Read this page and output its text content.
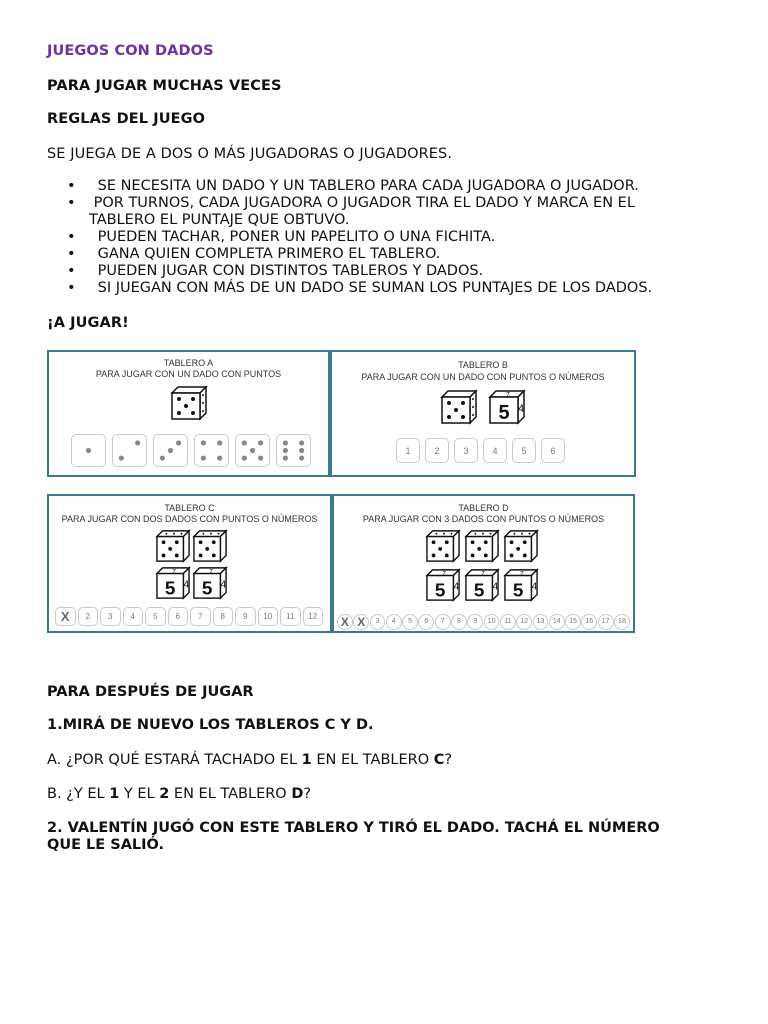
JUEGOS CON DADOS
PARA JUGAR MUCHAS VECES
REGLAS DEL JUEGO
SE JUEGA DE A DOS O MÁS JUGADORAS O JUGADORES.
• SE NECESITA UN DADO Y UN TABLERO PARA CADA JUGADORA O JUGADOR.
• POR TURNOS, CADA JUGADORA O JUGADOR TIRA EL DADO Y MARCA EN EL
TABLERO EL PUNTAJE QUE OBTUVO.
• PUEDEN TACHAR, PONER UN PAPELITO O UNA FICHITA.
• GANA QUIEN COMPLETA PRIMERO EL TABLERO.
• PUEDEN JUGAR CON DISTINTOS TABLEROS Y DADOS.
• SI JUEGAN CON MÁS DE UN DADO SE SUMAN LOS PUNTAJES DE LOS DADOS.
¡A JUGAR!
TABLERO A
PARA JUGAR CON UN DADO CON PUNTOS
TABLERO B
PARA JUGAR CON UN DADO CON PUNTOS O NÚMEROS
5 4
7
1	2	3	4	5	6
TABLERO C
PARA JUGAR CON DOS DADOS CON PUNTOS O NÚMEROS
5 4
7
5 4
7
X	2	3	4	5	6	7	8	9	10	11	12
TABLERO D
PARA JUGAR CON 3 DADOS CON PUNTOS O NÚMEROS
5 4
7
5 4
7
5 4
7
X X	3	4	5	6	7	8	9	10	11	12	13	14	15	16	17	18
PARA DESPUÉS DE JUGAR
1.MIRÁ DE NUEVO LOS TABLEROS C Y D.
A. ¿POR QUÉ ESTARÁ TACHADO EL 1 EN EL TABLERO C?
B. ¿Y EL 1 Y EL 2 EN EL TABLERO D?
2. VALENTÍN JUGÓ CON ESTE TABLERO Y TIRÓ EL DADO. TACHÁ EL NÚMERO
QUE LE SALIÓ.
